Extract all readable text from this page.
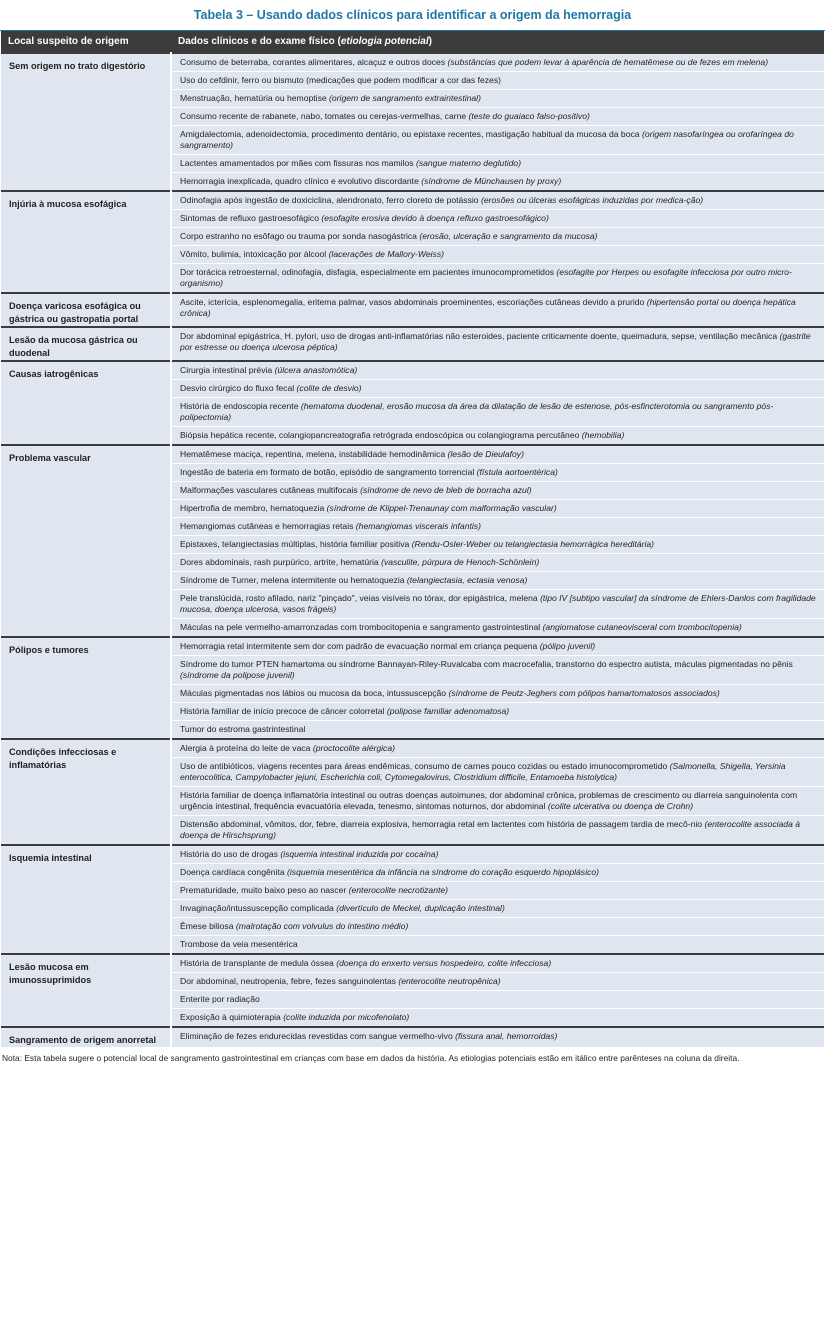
Tabela 3 – Usando dados clínicos para identificar a origem da hemorragia
Local suspeito de origem	Dados clínicos e do exame físico (etiologia potencial)
Sem origem no trato digestório	Consumo de beterraba, corantes alimentares, alcaçuz e outros doces (substâncias que podem levar à aparência de hematêmese ou de fezes em melena)
	Uso do cefdinir, ferro ou bismuto (medicações que podem modificar a cor das fezes)
	Menstruação, hematúria ou hemoptise (origem de sangramento extraintestinal)
	Consumo recente de rabanete, nabo, tomates ou cerejas-vermelhas, carne (teste do guaiaco falso-positivo)
	Amigdalectomia, adenoidectomia, procedimento dentário, ou epistaxe recentes, mastigação habitual da mucosa da boca (origem nasofaríngea ou orofaríngea do sangramento)
	Lactentes amamentados por mães com fissuras nos mamilos (sangue materno deglutido)
	Hemorragia inexplicada, quadro clínico e evolutivo discordante (síndrome de Münchausen by proxy)
Injúria à mucosa esofágica	Odinofagia após ingestão de doxiciclina, alendronato, ferro cloreto de potássio (erosões ou úlceras esofágicas induzidas por medica-ção)
	Sintomas de refluxo gastroesofágico (esofagite erosiva devido à doença refluxo gastroesofágico)
	Corpo estranho no esôfago ou trauma por sonda nasogástrica (erosão, ulceração e sangramento da mucosa)
	Vômito, bulimia, intoxicação por álcool (lacerações de Mallory-Weiss)
	Dor torácica retroesternal, odinofagia, disfagia, especialmente em pacientes imunocomprometidos (esofagite por Herpes ou esofagite infecciosa por outro micro-organismo)
Doença varicosa esofágica ou gástrica ou gastropatia portal	Ascite, icterícia, esplenomegalia, eritema palmar, vasos abdominais proeminentes, escoriações cutâneas devido a prurido (hipertensão portal ou doença hepática crônica)
Lesão da mucosa gástrica ou duodenal	Dor abdominal epigástrica, H. pylori, uso de drogas anti-inflamatórias não esteroides, paciente criticamente doente, queimadura, sepse, ventilação mecânica (gastrite por estresse ou doença ulcerosa péptica)
Causas iatrogênicas	Cirurgia intestinal prévia (úlcera anastomótica)
	Desvio cirúrgico do fluxo fecal (colite de desvio)
	História de endoscopia recente (hematoma duodenal, erosão mucosa da área da dilatação de lesão de estenose, pós-esfincterotomia ou sangramento pós-polipectomia)
	Biópsia hepática recente, colangiopancreatografia retrógrada endoscópica ou colangiograma percutâneo (hemobilia)
Problema vascular	Hematêmese maciça, repentina, melena, instabilidade hemodinâmica (lesão de Dieulafoy)
	Ingestão de bateria em formato de botão, episódio de sangramento torrencial (fístula aortoentérica)
	Malformações vasculares cutâneas multifocais (síndrome de nevo de bleb de borracha azul)
	Hipertrofia de membro, hematoquezia (síndrome de Klippel-Trenaunay com malformação vascular)
	Hemangiomas cutâneas e hemorragias retais (hemangiomas viscerais infantis)
	Epistaxes, telangiectasias múltiplas, história familiar positiva (Rendu-Osler-Weber ou telangiectasia hemorrágica hereditária)
	Dores abdominais, rash purpúrico, artrite, hematúria (vasculite, púrpura de Henoch-Schönlein)
	Síndrome de Turner, melena intermitente ou hematoquezia (telangiectasia, ectasia venosa)
	Pele translúcida, rosto afilado, nariz "pinçado", veias visíveis no tórax, dor epigástrica, melena (tipo IV [subtipo vascular] da síndrome de Ehlers-Danlos com fragilidade mucosa, doença ulcerosa, vasos frágeis)
	Máculas na pele vermelho-amarronzadas com trombocitopenia e sangramento gastrointestinal (angiomatose cutaneovisceral com trombocitopenia)
Pólipos e tumores	Hemorragia retal intermitente sem dor com padrão de evacuação normal em criança pequena (pólipo juvenil)
	Síndrome do tumor PTEN hamartoma ou síndrome Bannayan-Riley-Ruvalcaba com macrocefalia, transtorno do espectro autista, máculas pigmentadas no pênis (síndrome da polipose juvenil)
	Máculas pigmentadas nos lábios ou mucosa da boca, intussuscepção (síndrome de Peutz-Jeghers com pólipos hamartomatosos associados)
	História familiar de início precoce de câncer colorretal (polipose familiar adenomatosa)
	Tumor do estroma gastrintestinal
Condições infecciosas e inflamatórias	Alergia à proteína do leite de vaca (proctocolite alérgica)
	Uso de antibióticos, viagens recentes para áreas endêmicas, consumo de carnes pouco cozidas ou estado imunocomprometido (Salmonella, Shigella, Yersinia enterocolitica, Campylobacter jejuni, Escherichia coli, Cytomegalovirus, Clostridium difficile, Entamoeba histolytica)
	História familiar de doença inflamatória intestinal ou outras doenças autoimunes, dor abdominal crônica, problemas de crescimento ou diarreia sanguinolenta com urgência intestinal, frequência evacuatória elevada, tenesmo, sintomas noturnos, dor abdominal (colite ulcerativa ou doença de Crohn)
	Distensão abdominal, vômitos, dor, febre, diarreia explosiva, hemorragia retal em lactentes com história de passagem tardia de mecô-nio (enterocolite associada à doença de Hirschsprung)
Isquemia intestinal	História do uso de drogas (isquemia intestinal induzida por cocaína)
	Doença cardíaca congênita (isquemia mesentérica da infância na síndrome do coração esquerdo hipoplásico)
	Prematuridade, muito baixo peso ao nascer (enterocolite necrotizante)
	Invaginação/intussuscepção complicada (divertículo de Meckel, duplicação intestinal)
	Êmese biliosa (malrotação com volvulus do intestino médio)
	Trombose da veia mesentérica
Lesão mucosa em imunossuprimidos	História de transplante de medula óssea (doença do enxerto versus hospedeiro, colite infecciosa)
	Dor abdominal, neutropenia, febre, fezes sanguinolentas (enterocolite neutropênica)
	Enterite por radiação
	Exposição à quimioterapia (colite induzida por micofenolato)
Sangramento de origem anorretal	Eliminação de fezes endurecidas revestidas com sangue vermelho-vivo (fissura anal, hemorroidas)
Nota: Esta tabela sugere o potencial local de sangramento gastrointestinal em crianças com base em dados da história. As etiologias potenciais estão em itálico entre parênteses na coluna da direita.
